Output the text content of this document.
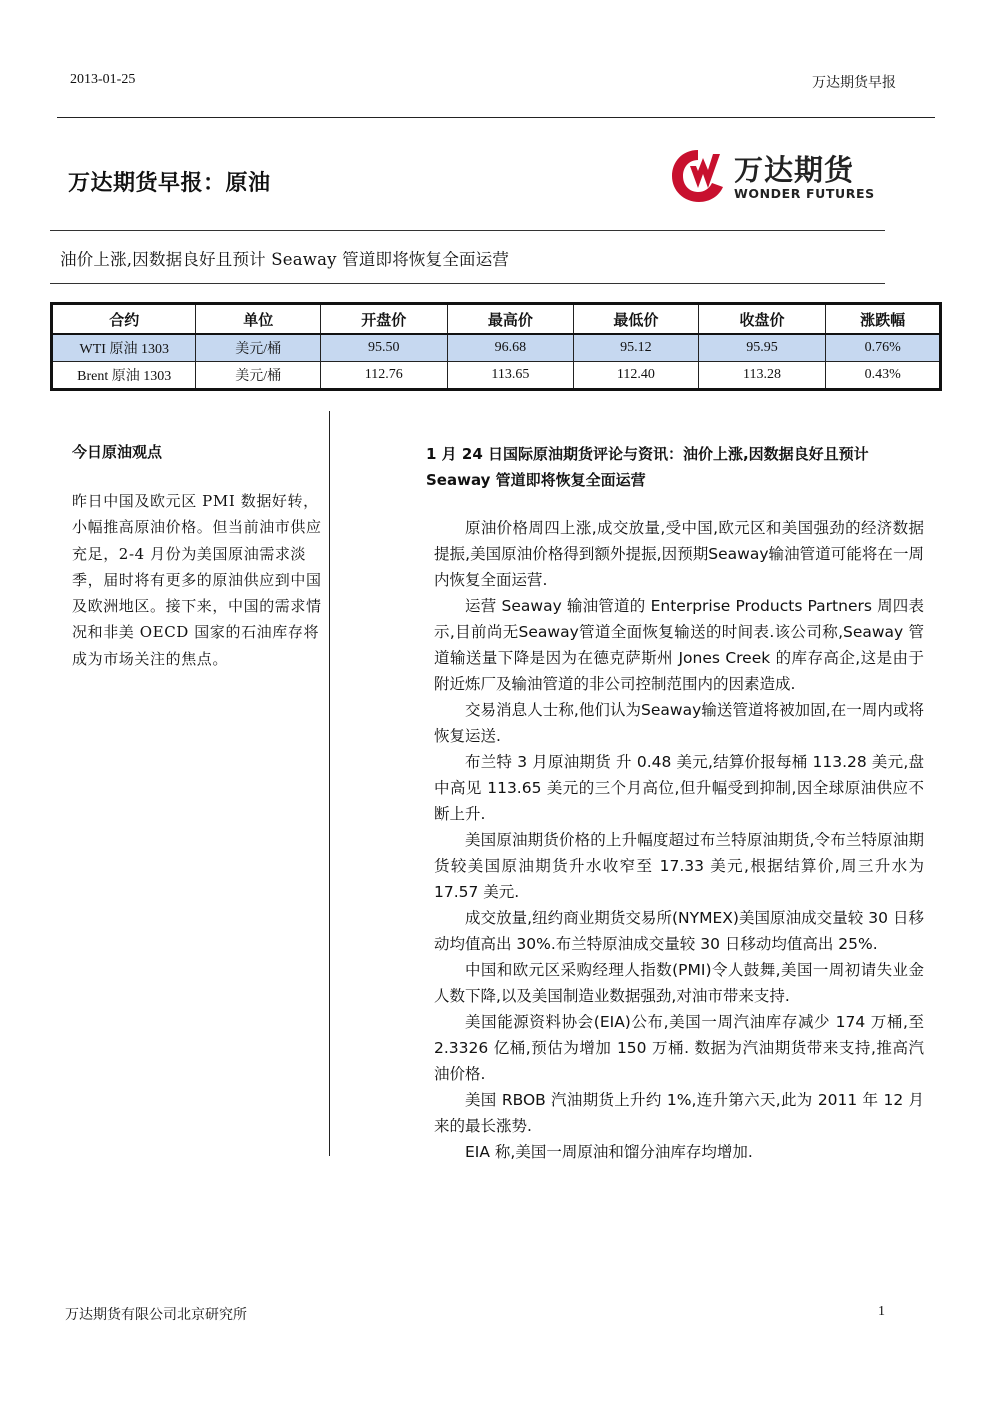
2013-01-25	万达期货早报
万达期货早报：原油	万达期货
WONDER FUTURES
油价上涨,因数据良好且预计 Seaway 管道即将恢复全面运营
合约	单位	开盘价	最高价	最低价	收盘价	涨跌幅
WTI 原油 1303	美元/桶	95.50	96.68	95.12	95.95	0.76%
Brent 原油 1303	美元/桶	112.76	113.65	112.40	113.28	0.43%
今日原油观点
昨日中国及欧元区 PMI 数据好转，小幅推高原油价格。但当前油市供应充足，2-4 月份为美国原油需求淡季，届时将有更多的原油供应到中国及欧洲地区。接下来，中国的需求情况和非美 OECD 国家的石油库存将成为市场关注的焦点。
1 月 24 日国际原油期货评论与资讯：油价上涨,因数据良好且预计 Seaway 管道即将恢复全面运营

原油价格周四上涨,成交放量,受中国,欧元区和美国强劲的经济数据提振,美国原油价格得到额外提振,因预期Seaway输油管道可能将在一周内恢复全面运营.

运营 Seaway 输油管道的 Enterprise Products Partners 周四表示,目前尚无Seaway管道全面恢复输送的时间表.该公司称,Seaway 管道输送量下降是因为在德克萨斯州 Jones Creek 的库存高企,这是由于附近炼厂及输油管道的非公司控制范围内的因素造成.

交易消息人士称,他们认为Seaway输送管道将被加固,在一周内或将恢复运送.

布兰特 3 月原油期货 升 0.48 美元,结算价报每桶 113.28 美元,盘中高见 113.65 美元的三个月高位,但升幅受到抑制,因全球原油供应不断上升.

美国原油期货价格的上升幅度超过布兰特原油期货,令布兰特原油期货较美国原油期货升水收窄至 17.33 美元,根据结算价,周三升水为 17.57 美元.

成交放量,纽约商业期货交易所(NYMEX)美国原油成交量较 30 日移动均值高出 30%.布兰特原油成交量较 30 日移动均值高出 25%.

中国和欧元区采购经理人指数(PMI)令人鼓舞,美国一周初请失业金人数下降,以及美国制造业数据强劲,对油市带来支持.

美国能源资料协会(EIA)公布,美国一周汽油库存减少 174 万桶,至 2.3326 亿桶,预估为增加 150 万桶. 数据为汽油期货带来支持,推高汽油价格.

美国 RBOB 汽油期货上升约 1%,连升第六天,此为 2011 年 12 月来的最长涨势.

EIA 称,美国一周原油和馏分油库存均增加.

万达期货有限公司北京研究所	1
